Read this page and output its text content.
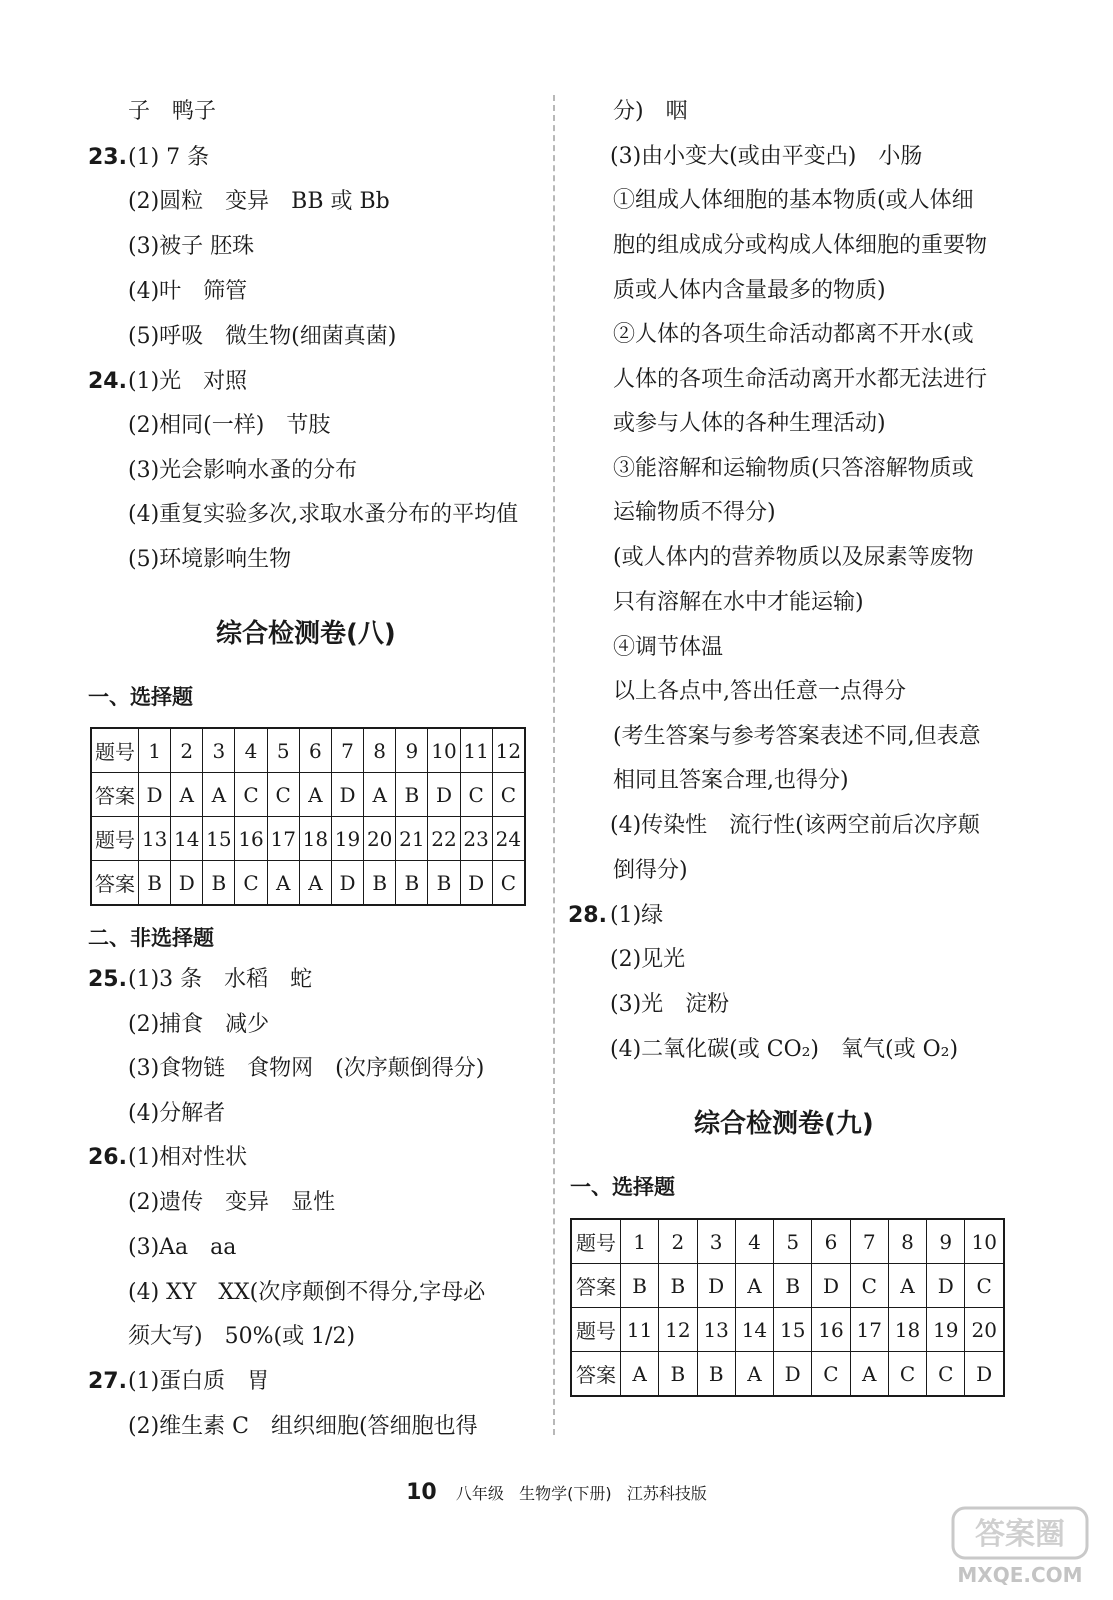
子　鸭子
23. (1) 7 条
(2)圆粒　变异　BB 或 Bb
(3)被子 胚珠
(4)叶　筛管
(5)呼吸　微生物(细菌真菌)
24. (1)光　对照
(2)相同(一样)　节肢
(3)光会影响水蚤的分布
(4)重复实验多次,求取水蚤分布的平均值
(5)环境影响生物
综合检测卷(八)
一、选择题
题号	1	2	3	4	5	6	7	8	9	10	11	12
答案	D	A	A	C	C	A	D	A	B	D	C	C
题号	13	14	15	16	17	18	19	20	21	22	23	24
答案	B	D	B	C	A	A	D	B	B	B	D	C
二、非选择题
25. (1)3 条　水稻　蛇
(2)捕食　减少
(3)食物链　食物网　(次序颠倒得分)
(4)分解者
26. (1)相对性状
(2)遗传　变异　显性
(3)Aa　aa
(4) XY　XX(次序颠倒不得分,字母必
须大写)　50%(或 1/2)
27. (1)蛋白质　胃
(2)维生素 C　组织细胞(答细胞也得
分)　咽
(3)由小变大(或由平变凸)　小肠
①组成人体细胞的基本物质(或人体细
胞的组成成分或构成人体细胞的重要物
质或人体内含量最多的物质)
②人体的各项生命活动都离不开水(或
人体的各项生命活动离开水都无法进行
或参与人体的各种生理活动)
③能溶解和运输物质(只答溶解物质或
运输物质不得分)
(或人体内的营养物质以及尿素等废物
只有溶解在水中才能运输)
④调节体温
以上各点中,答出任意一点得分
(考生答案与参考答案表述不同,但表意
相同且答案合理,也得分)
(4)传染性　流行性(该两空前后次序颠
倒得分)
28. (1)绿
(2)见光
(3)光　淀粉
(4)二氧化碳(或 CO₂)　氧气(或 O₂)
综合检测卷(九)
一、选择题
题号	1	2	3	4	5	6	7	8	9	10
答案	B	B	D	A	B	D	C	A	D	C
题号	11	12	13	14	15	16	17	18	19	20
答案	A	B	B	A	D	C	A	C	C	D
10 八年级 生物学(下册) 江苏科技版
答案圈
MXQE.COM
